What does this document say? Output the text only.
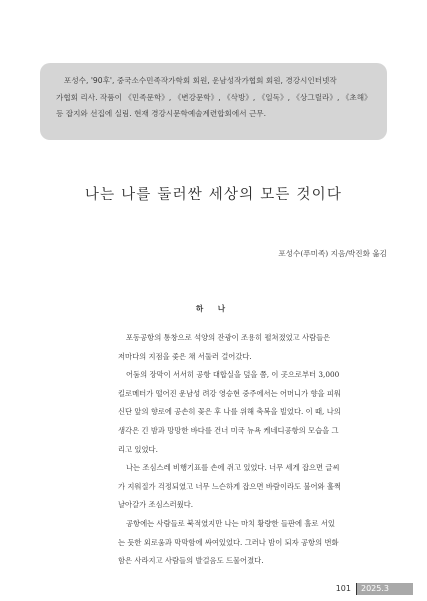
포성수, '90후', 중국소수민족작가학회 회원, 운남성작가협회 회원, 경강시인터넷작
가협회 리사. 작품이 《민족문학》, 《변강문학》, 《삭방》, 《일독》, 《상그릴라》, 《초해》
등 잡지와 선집에 실림. 현재 경강시문학예술계련합회에서 근무.
나는 나를 둘러싼 세상의 모든 것이다
포성수(푸미족) 지음/박진화 옮김
하 나
포동공항의 통창으로 석양의 잔광이 조용히 펼쳐졌었고 사람들은
저마다의 지점을 좇은 채 서둘러 걸어갔다.
어둠의 장막이 서서히 공항 대합실을 덮을 쯤, 이 곳으로부터 3,000
킬로메터가 떨어진 운남성 려강 영승현 중주에서는 어머니가 향을 피워
신단 앞의 향로에 공손히 꽂은 후 나를 위해 축복을 빌었다. 이 때, 나의
생각은 긴 밤과 망망한 바다를 건너 미국 뉴욕 케네디공항의 모습을 그
리고 있었다.
나는 조심스레 비행기표를 손에 쥐고 있었다. 너무 세게 잡으면 글씨
가 지워질가 걱정되였고 너무 느슨하게 잡으면 바람이라도 불어와 훌쩍
날아갈가 조심스러웠다.
공항에는 사람들로 북적였지만 나는 마치 황량한 들판에 홀로 서있
는 듯한 외로움과 막막함에 싸여있었다. 그러나 밤이 되자 공항의 번화
함은 사라지고 사람들의 발걸음도 드물어졌다.
101	2025.3
